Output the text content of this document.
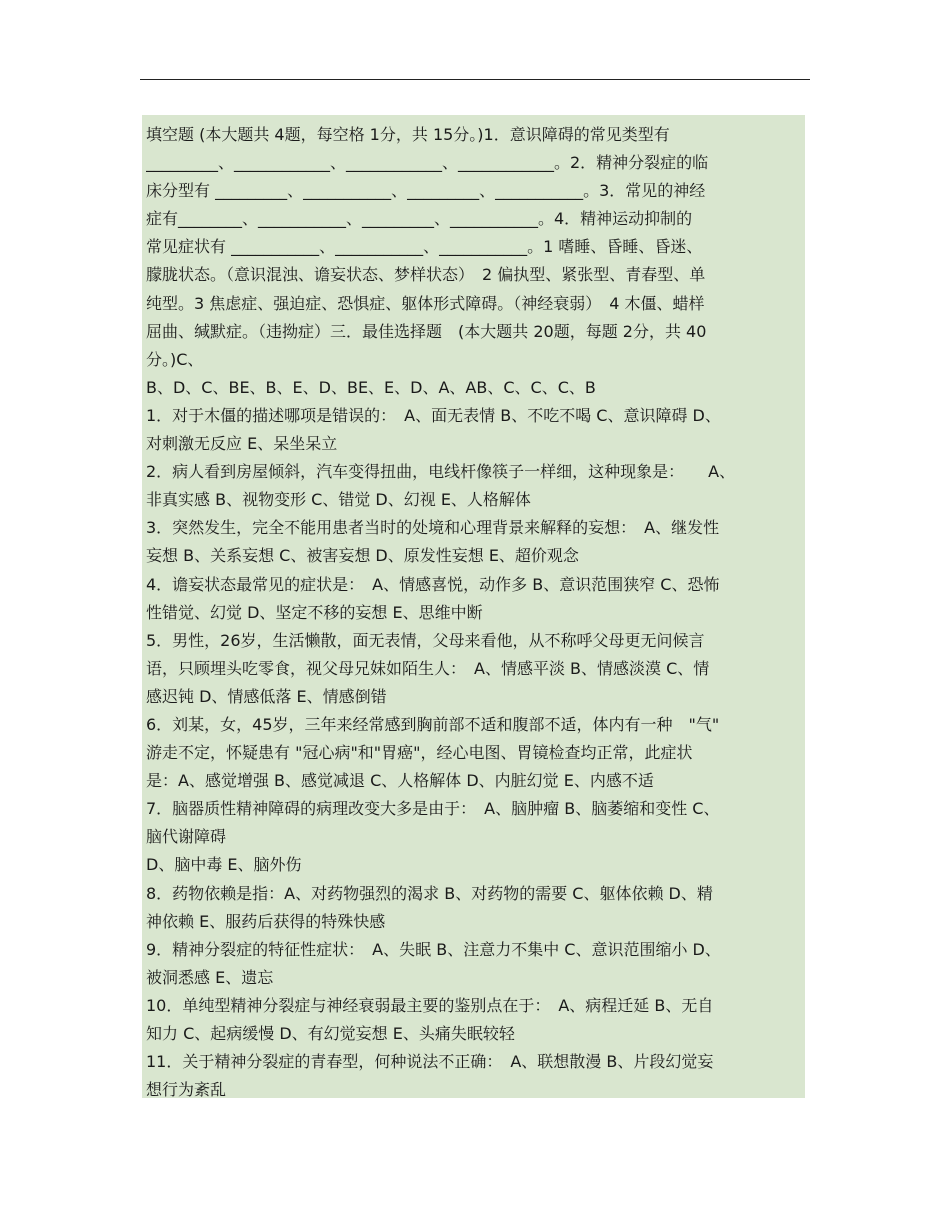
填空题 (本大题共 4题，每空格 1分，共 15分。)1．意识障碍的常见类型有
_________、____________、____________、____________。2．精神分裂症的临
床分型有 _________、___________、_________、___________。3．常见的神经
症有________、___________、_________、___________。4．精神运动抑制的
常见症状有 ___________、___________、___________。1 嗜睡、昏睡、昏迷、
朦胧状态。（意识混浊、谵妄状态、梦样状态）　2 偏执型、紧张型、青春型、单
纯型。3 焦虑症、强迫症、恐惧症、躯体形式障碍。（神经衰弱）　4 木僵、蜡样
屈曲、缄默症。（违拗症）三．最佳选择题　(本大题共 20题，每题 2分，共 40
分。)C、
B、D、C、BE、B、E、D、BE、E、D、A、AB、C、C、C、B
1．对于木僵的描述哪项是错误的：　A、面无表情 B、不吃不喝 C、意识障碍 D、
对刺激无反应 E、呆坐呆立
2．病人看到房屋倾斜，汽车变得扭曲，电线杆像筷子一样细，这种现象是：　　A、
非真实感 B、视物变形 C、错觉 D、幻视 E、人格解体
3．突然发生，完全不能用患者当时的处境和心理背景来解释的妄想：　A、继发性
妄想 B、关系妄想 C、被害妄想 D、原发性妄想 E、超价观念
4．谵妄状态最常见的症状是：　A、情感喜悦，动作多 B、意识范围狭窄 C、恐怖
性错觉、幻觉 D、坚定不移的妄想 E、思维中断
5．男性，26岁，生活懒散，面无表情，父母来看他，从不称呼父母更无问候言
语，只顾埋头吃零食，视父母兄妹如陌生人：　A、情感平淡 B、情感淡漠 C、情
感迟钝 D、情感低落 E、情感倒错
6．刘某，女，45岁，三年来经常感到胸前部不适和腹部不适，体内有一种　"气"
游走不定，怀疑患有 "冠心病"和"胃癌"，经心电图、胃镜检查均正常，此症状
是：A、感觉增强 B、感觉减退 C、人格解体 D、内脏幻觉 E、内感不适
7．脑器质性精神障碍的病理改变大多是由于：　A、脑肿瘤 B、脑萎缩和变性 C、
脑代谢障碍
D、脑中毒 E、脑外伤
8．药物依赖是指：A、对药物强烈的渴求 B、对药物的需要 C、躯体依赖 D、精
神依赖 E、服药后获得的特殊快感
9．精神分裂症的特征性症状：　A、失眠 B、注意力不集中 C、意识范围缩小 D、
被洞悉感 E、遗忘
10．单纯型精神分裂症与神经衰弱最主要的鉴别点在于：　A、病程迁延 B、无自
知力 C、起病缓慢 D、有幻觉妄想 E、头痛失眠较轻
11．关于精神分裂症的青春型，何种说法不正确：　A、联想散漫 B、片段幻觉妄
想行为紊乱
